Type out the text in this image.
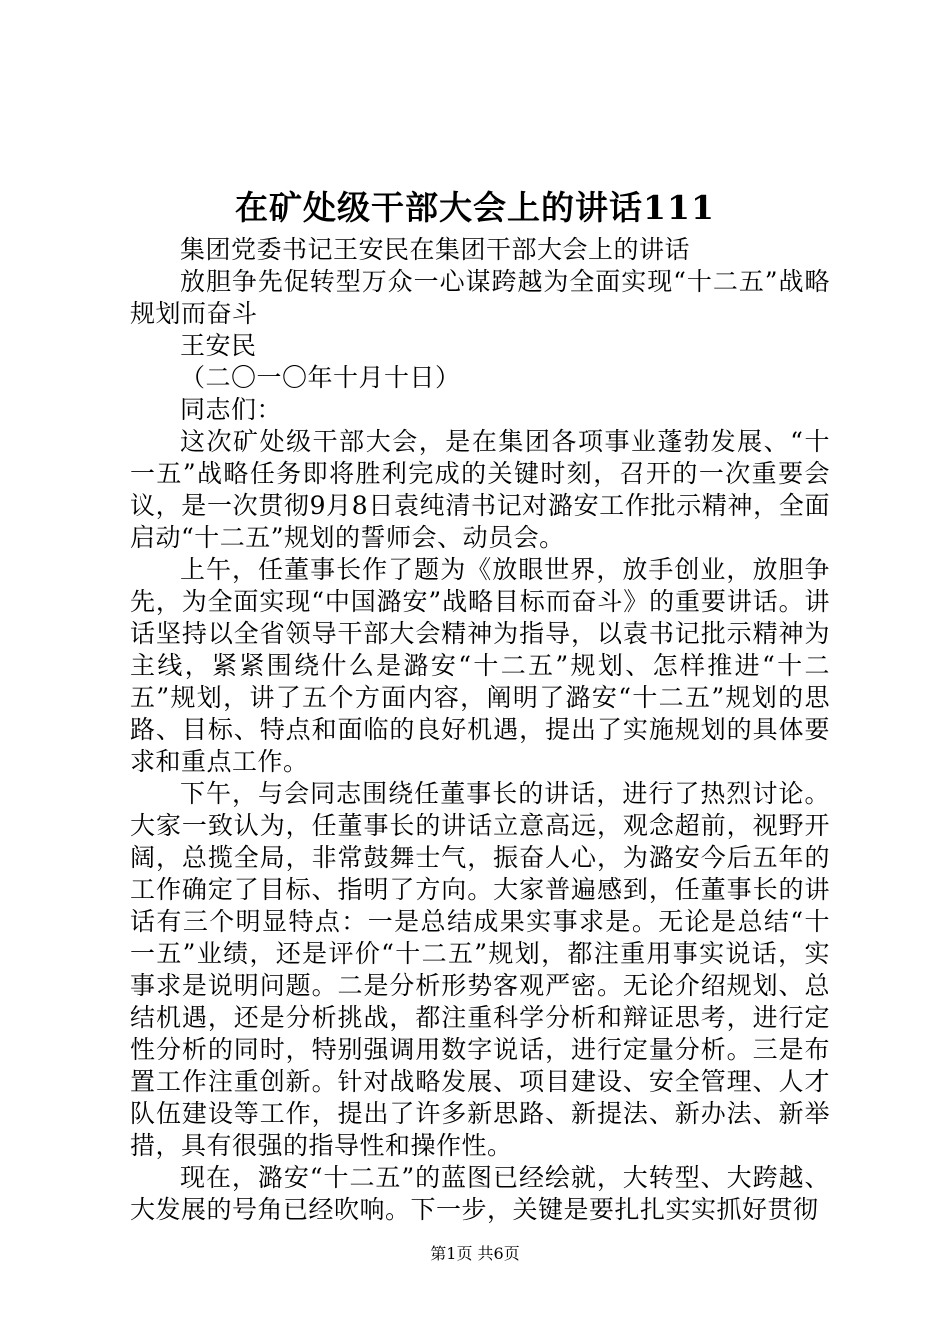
在矿处级干部大会上的讲话111

集团党委书记王安民在集团干部大会上的讲话

放胆争先促转型万众一心谋跨越为全面实现“十二五”战略规划而奋斗

王安民

（二〇一〇年十月十日）

同志们：

这次矿处级干部大会，是在集团各项事业蓬勃发展、“十一五”战略任务即将胜利完成的关键时刻，召开的一次重要会议，是一次贯彻9月8日袁纯清书记对潞安工作批示精神，全面启动“十二五”规划的誓师会、动员会。

上午，任董事长作了题为《放眼世界，放手创业，放胆争先，为全面实现“中国潞安”战略目标而奋斗》的重要讲话。讲话坚持以全省领导干部大会精神为指导，以袁书记批示精神为主线，紧紧围绕什么是潞安“十二五”规划、怎样推进“十二五”规划，讲了五个方面内容，阐明了潞安“十二五”规划的思路、目标、特点和面临的良好机遇，提出了实施规划的具体要求和重点工作。

下午，与会同志围绕任董事长的讲话，进行了热烈讨论。大家一致认为，任董事长的讲话立意高远，观念超前，视野开阔，总揽全局，非常鼓舞士气，振奋人心，为潞安今后五年的工作确定了目标、指明了方向。大家普遍感到，任董事长的讲话有三个明显特点：一是总结成果实事求是。无论是总结“十一五”业绩，还是评价“十二五”规划，都注重用事实说话，实事求是说明问题。二是分析形势客观严密。无论介绍规划、总结机遇，还是分析挑战，都注重科学分析和辩证思考，进行定性分析的同时，特别强调用数字说话，进行定量分析。三是布置工作注重创新。针对战略发展、项目建设、安全管理、人才队伍建设等工作，提出了许多新思路、新提法、新办法、新举措，具有很强的指导性和操作性。

现在，潞安“十二五”的蓝图已经绘就，大转型、大跨越、大发展的号角已经吹响。下一步，关键是要扎扎实实抓好贯彻

第1页 共6页
